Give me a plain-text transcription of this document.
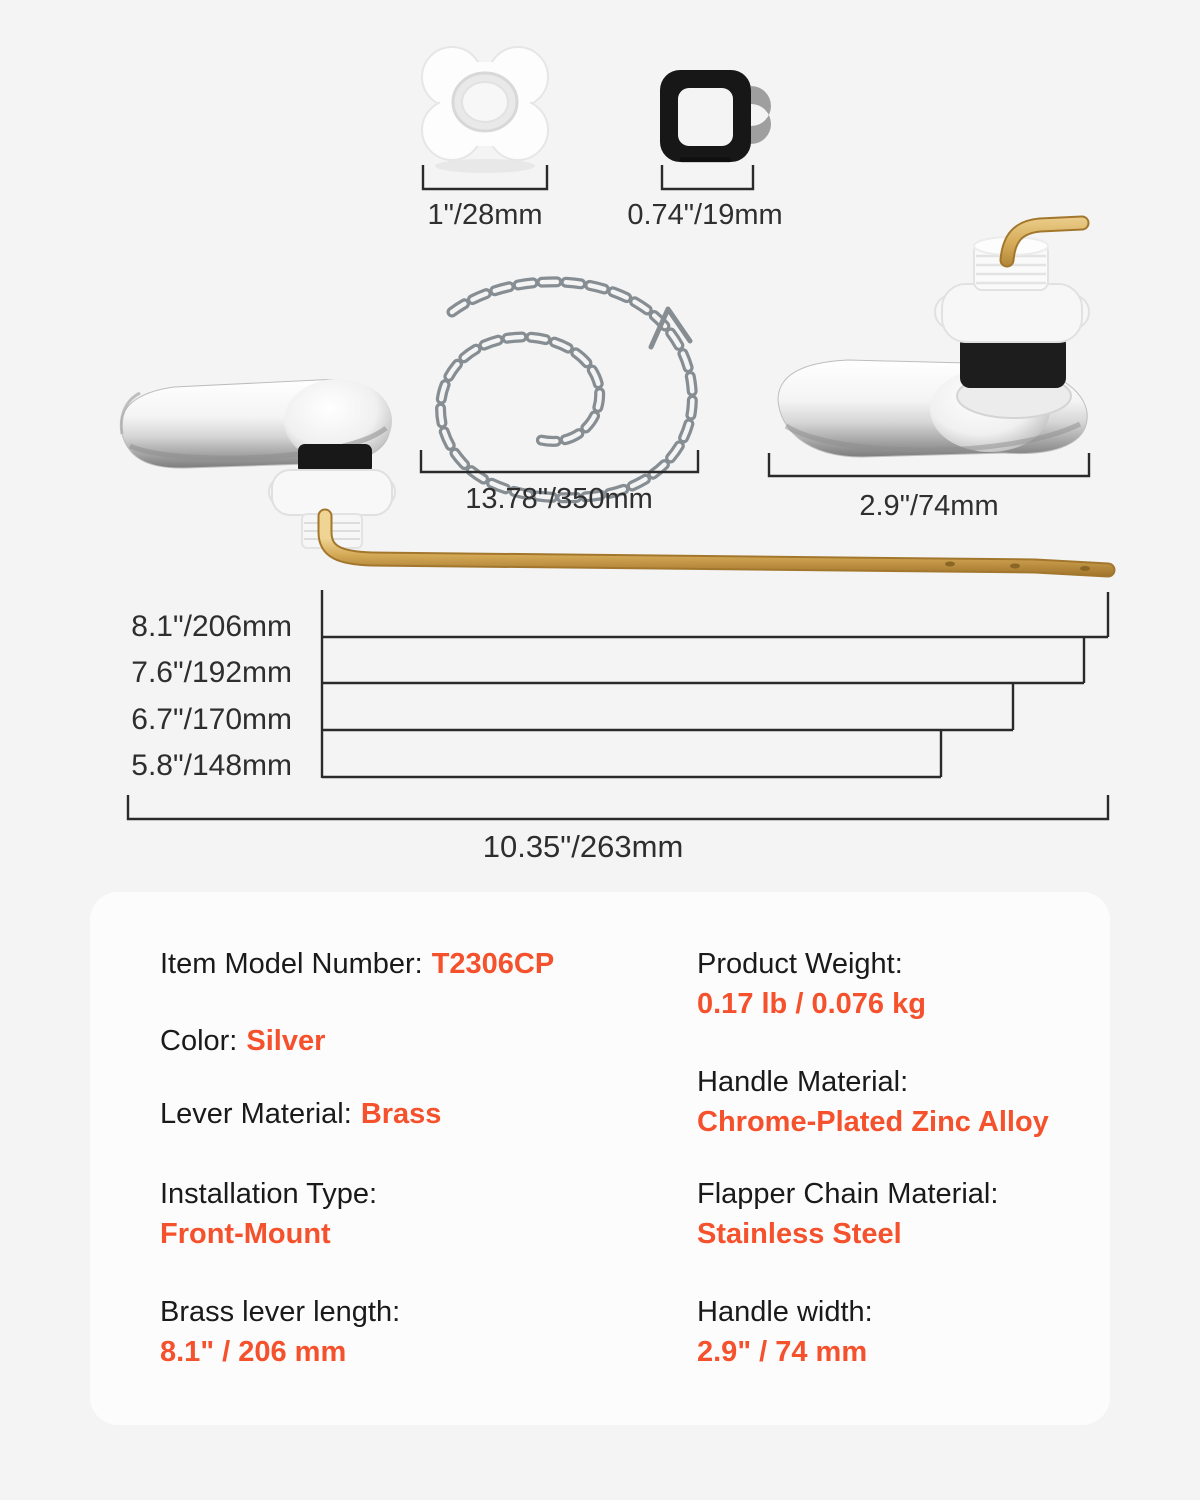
1"/28mm	0.74"/19mm
13.78"/350mm	2.9"/74mm
8.1"/206mm
7.6"/192mm
6.7"/170mm
5.8"/148mm
10.35"/263mm
Item Model Number: T2306CP
Color: Silver
Lever Material: Brass
Installation Type:
Front-Mount
Brass lever length:
8.1" / 206 mm
Product Weight:
0.17 lb / 0.076 kg
Handle Material:
Chrome-Plated Zinc Alloy
Flapper Chain Material:
Stainless Steel
Handle width:
2.9" / 74 mm
